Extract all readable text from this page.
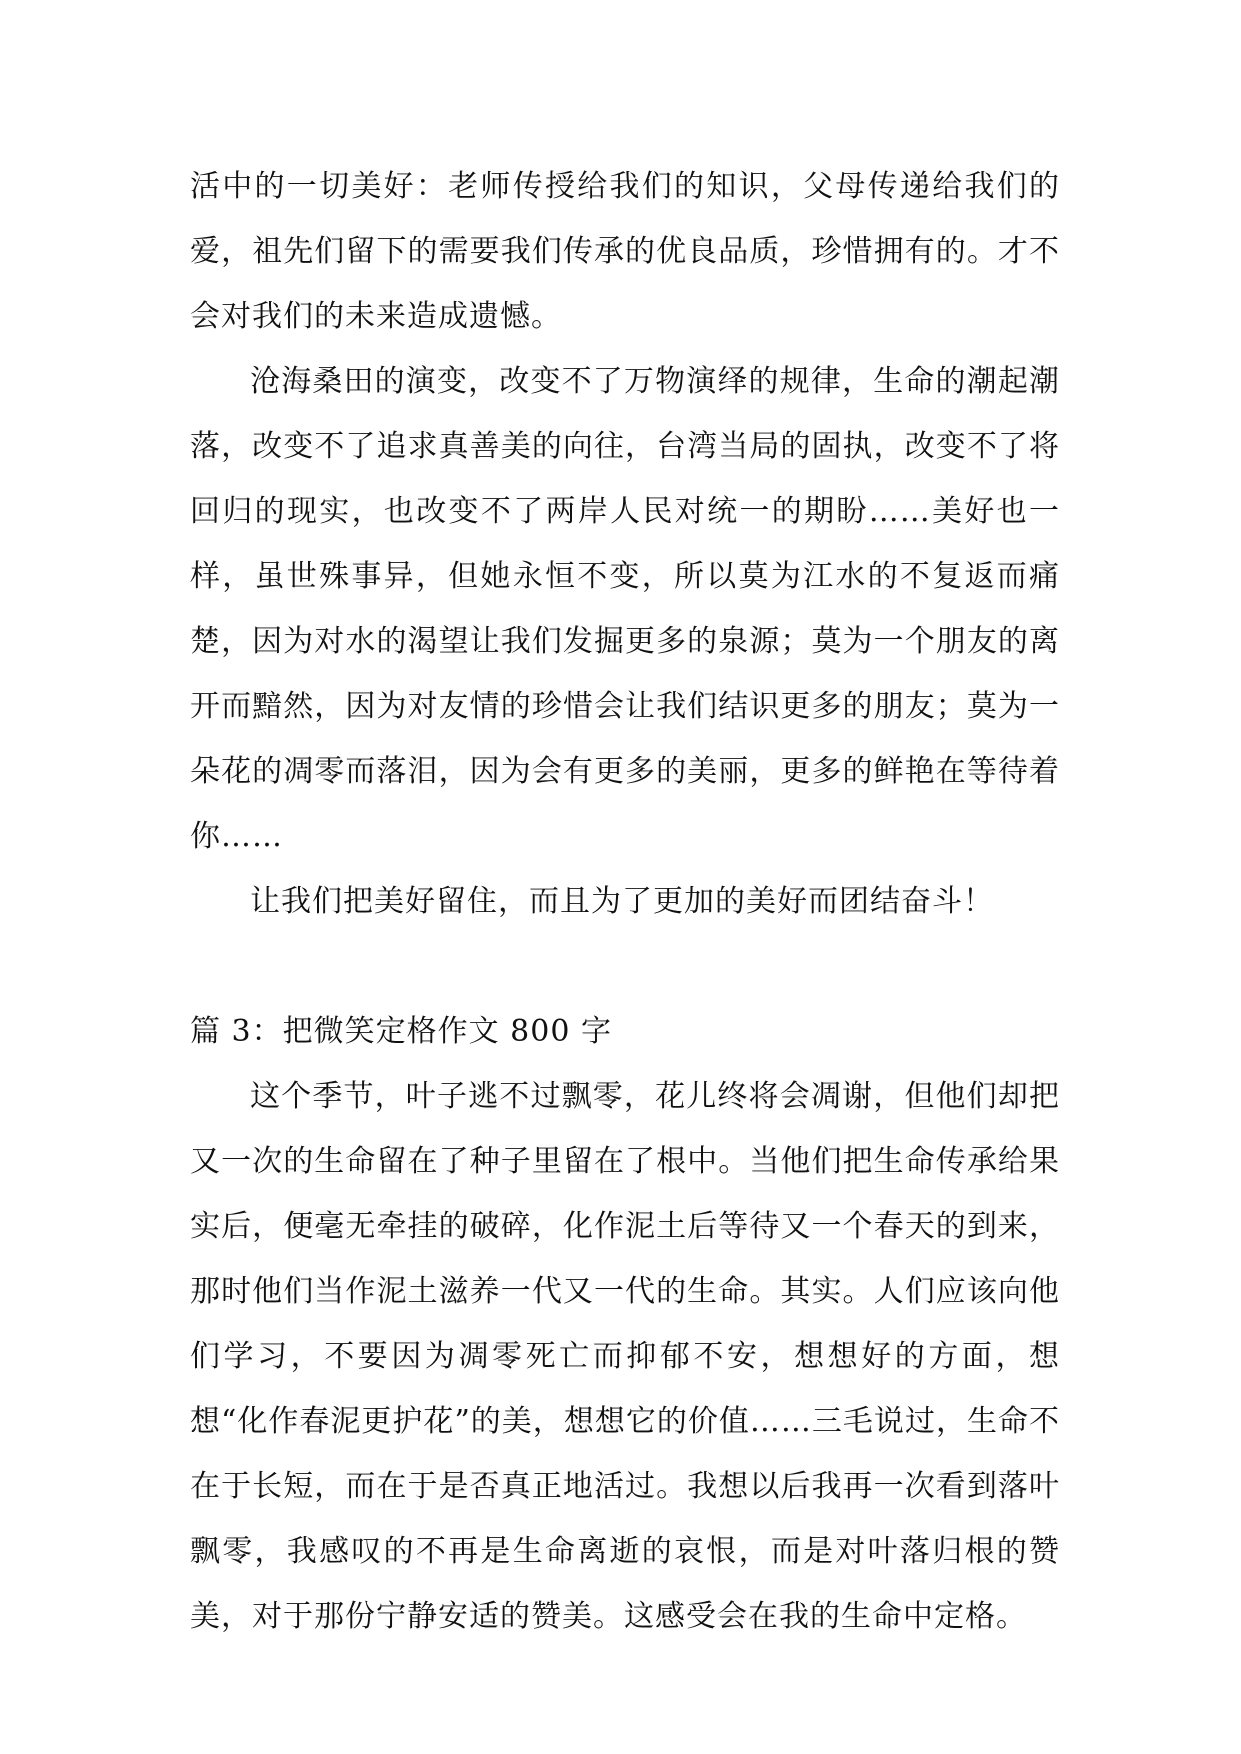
活中的一切美好：老师传授给我们的知识，父母传递给我们的爱，祖先们留下的需要我们传承的优良品质，珍惜拥有的。才不会对我们的未来造成遗憾。

沧海桑田的演变，改变不了万物演绎的规律，生命的潮起潮落，改变不了追求真善美的向往，台湾当局的固执，改变不了将回归的现实，也改变不了两岸人民对统一的期盼……美好也一样，虽世殊事异，但她永恒不变，所以莫为江水的不复返而痛楚，因为对水的渴望让我们发掘更多的泉源；莫为一个朋友的离开而黯然，因为对友情的珍惜会让我们结识更多的朋友；莫为一朵花的凋零而落泪，因为会有更多的美丽，更多的鲜艳在等待着你……

让我们把美好留住，而且为了更加的美好而团结奋斗！

篇 3：把微笑定格作文 800 字

这个季节，叶子逃不过飘零，花儿终将会凋谢，但他们却把又一次的生命留在了种子里留在了根中。当他们把生命传承给果实后，便毫无牵挂的破碎，化作泥土后等待又一个春天的到来，那时他们当作泥土滋养一代又一代的生命。其实。人们应该向他们学习，不要因为凋零死亡而抑郁不安，想想好的方面，想想“化作春泥更护花”的美，想想它的价值……三毛说过，生命不在于长短，而在于是否真正地活过。我想以后我再一次看到落叶飘零，我感叹的不再是生命离逝的哀恨，而是对叶落归根的赞美，对于那份宁静安适的赞美。这感受会在我的生命中定格。
